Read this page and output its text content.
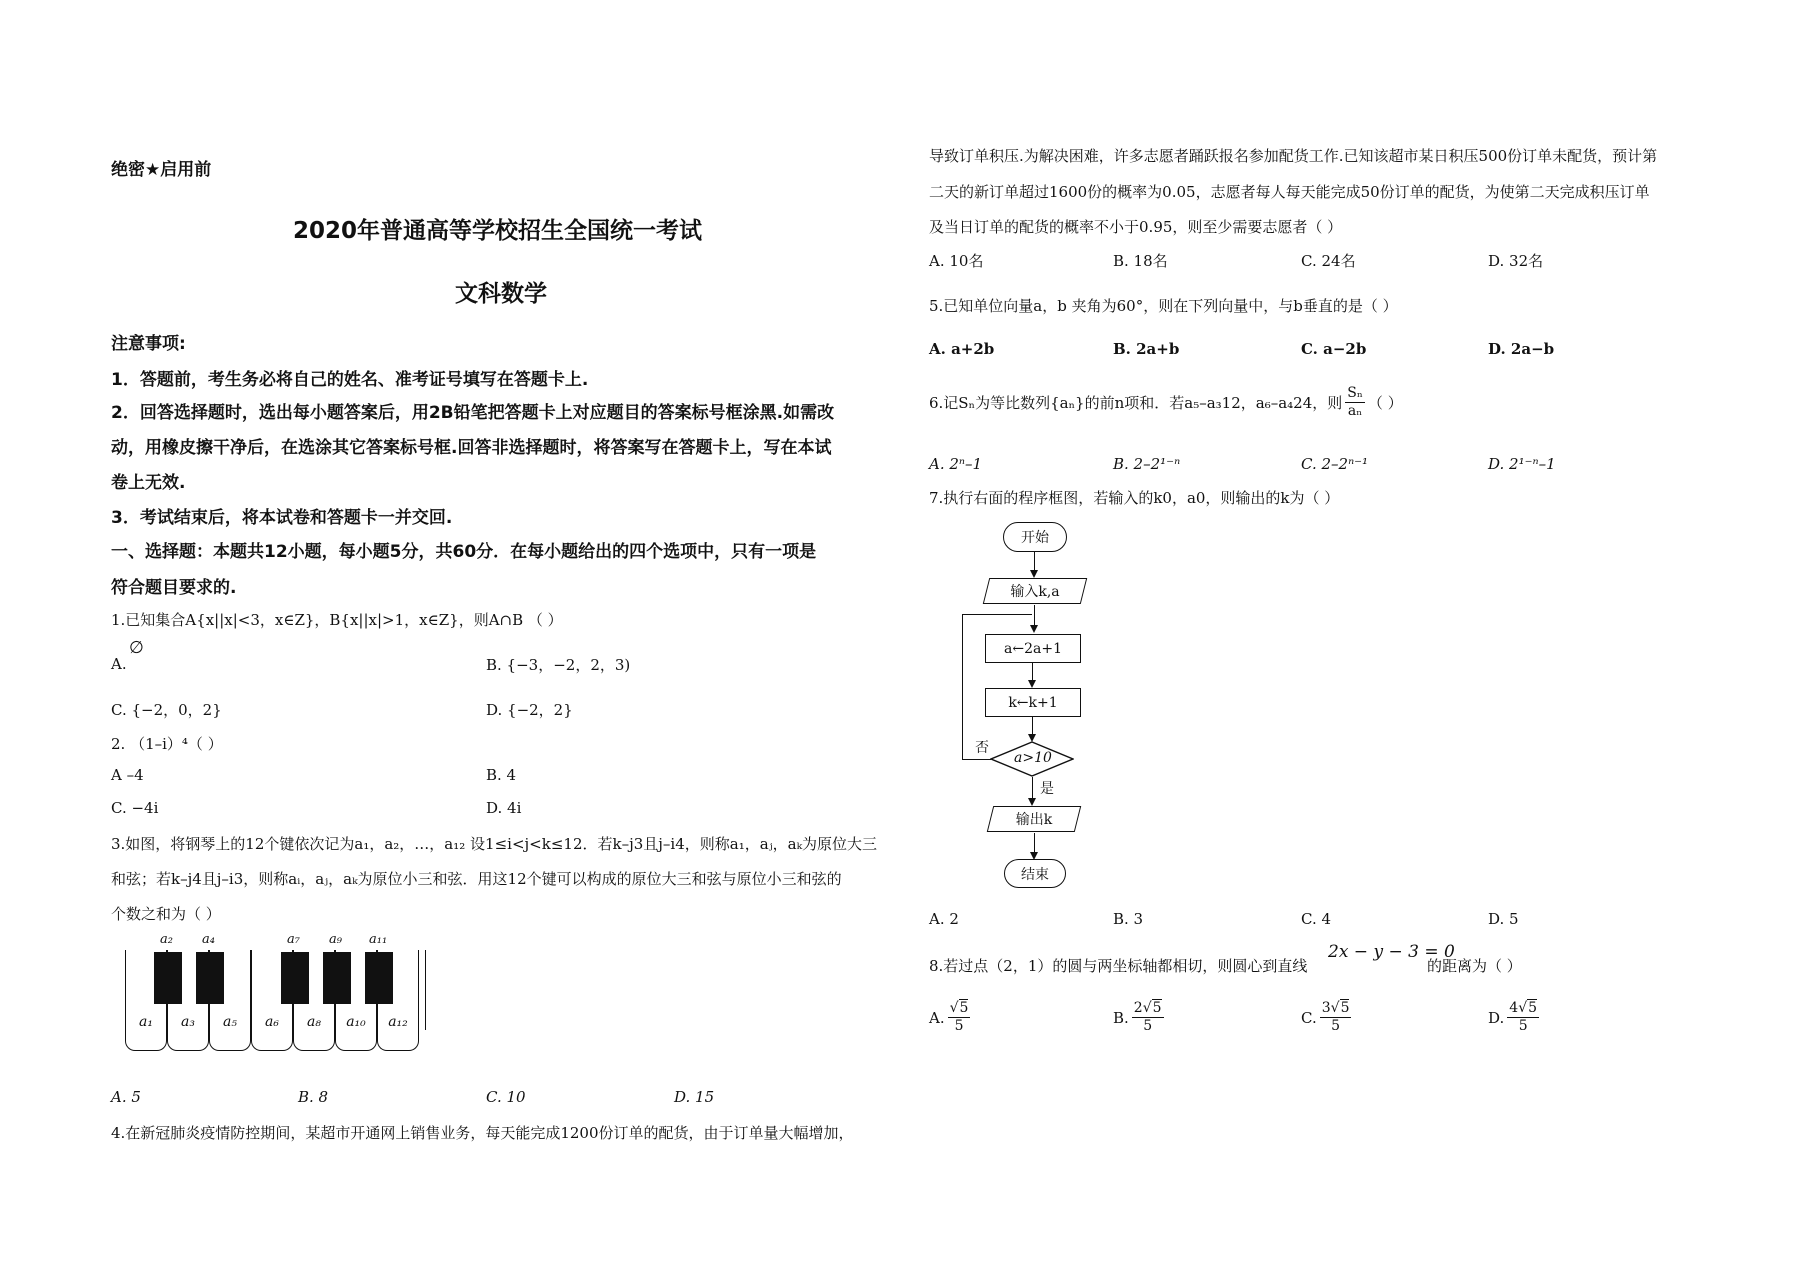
绝密★启用前
2020年普通高等学校招生全国统一考试
文科数学
注意事项:
1．答题前，考生务必将自己的姓名、准考证号填写在答题卡上.
2．回答选择题时，选出每小题答案后，用2B铅笔把答题卡上对应题目的答案标号框涂黑.如需改
动，用橡皮擦干净后，在选涂其它答案标号框.回答非选择题时，将答案写在答题卡上，写在本试
卷上无效.
3．考试结束后，将本试卷和答题卡一并交回.
一、选择题：本题共12小题，每小题5分，共60分．在每小题给出的四个选项中，只有一项是
符合题目要求的.
1.已知集合A{x||x|<3，x∈Z}，B{x||x|>1，x∈Z}，则A∩B （ ）
A.
∅
B. {−3，−2，2，3)
C. {−2，0，2}	D. {−2，2}
2. （1–i）⁴（ ）
A –4	B. 4
C. −4i	D. 4i
3.如图，将钢琴上的12个键依次记为a₁，a₂，…，a₁₂ 设1≤i<j<k≤12．若k–j3且j–i4，则称a₁，aⱼ，aₖ为原位大三
和弦；若k–j4且j–i3，则称aᵢ，aⱼ，aₖ为原位小三和弦．用这12个键可以构成的原位大三和弦与原位小三和弦的
个数之和为（ ）
a₁	a₃	a₅	a₆	a₈	a₁₀	a₁₂
a₂ a₄	a₇ a₉ a₁₁
A. 5	B. 8	C. 10	D. 15
4.在新冠肺炎疫情防控期间，某超市开通网上销售业务，每天能完成1200份订单的配货，由于订单量大幅增加，
导致订单积压.为解决困难，许多志愿者踊跃报名参加配货工作.已知该超市某日积压500份订单未配货，预计第
二天的新订单超过1600份的概率为0.05，志愿者每人每天能完成50份订单的配货，为使第二天完成积压订单
及当日订单的配货的概率不小于0.95，则至少需要志愿者（ ）
A. 10名	B. 18名	C. 24名	D. 32名
5.已知单位向量a，b 夹角为60°，则在下列向量中，与b垂直的是（ ）
A. a+2b	B. 2a+b	C. a−2b	D. 2a−b
6.记Sₙ为等比数列{aₙ}的前n项和．若a₅–a₃12，a₆–a₄24，则 $\frac{\text{Sₙ}}{\text{aₙ}}$ （ ）
A. 2ⁿ–1	B. 2–2¹⁻ⁿ	C. 2–2ⁿ⁻¹	D. 2¹⁻ⁿ–1
7.执行右面的程序框图，若输入的k0，a0，则输出的k为（ ）
开始
输入k,a
a←2a+1
k←k+1
a>10
否
是
输出k
结束
A. 2	B. 3	C. 4	D. 5
8.若过点（2，1）的圆与两坐标轴都相切，则圆心到直线
2x − y − 3 = 0
的距离为（ ）
A. $\frac{√5}{5}$	B. $\frac{2√5}{5}$	C. $\frac{3√5}{5}$	D. $\frac{4√5}{5}$
